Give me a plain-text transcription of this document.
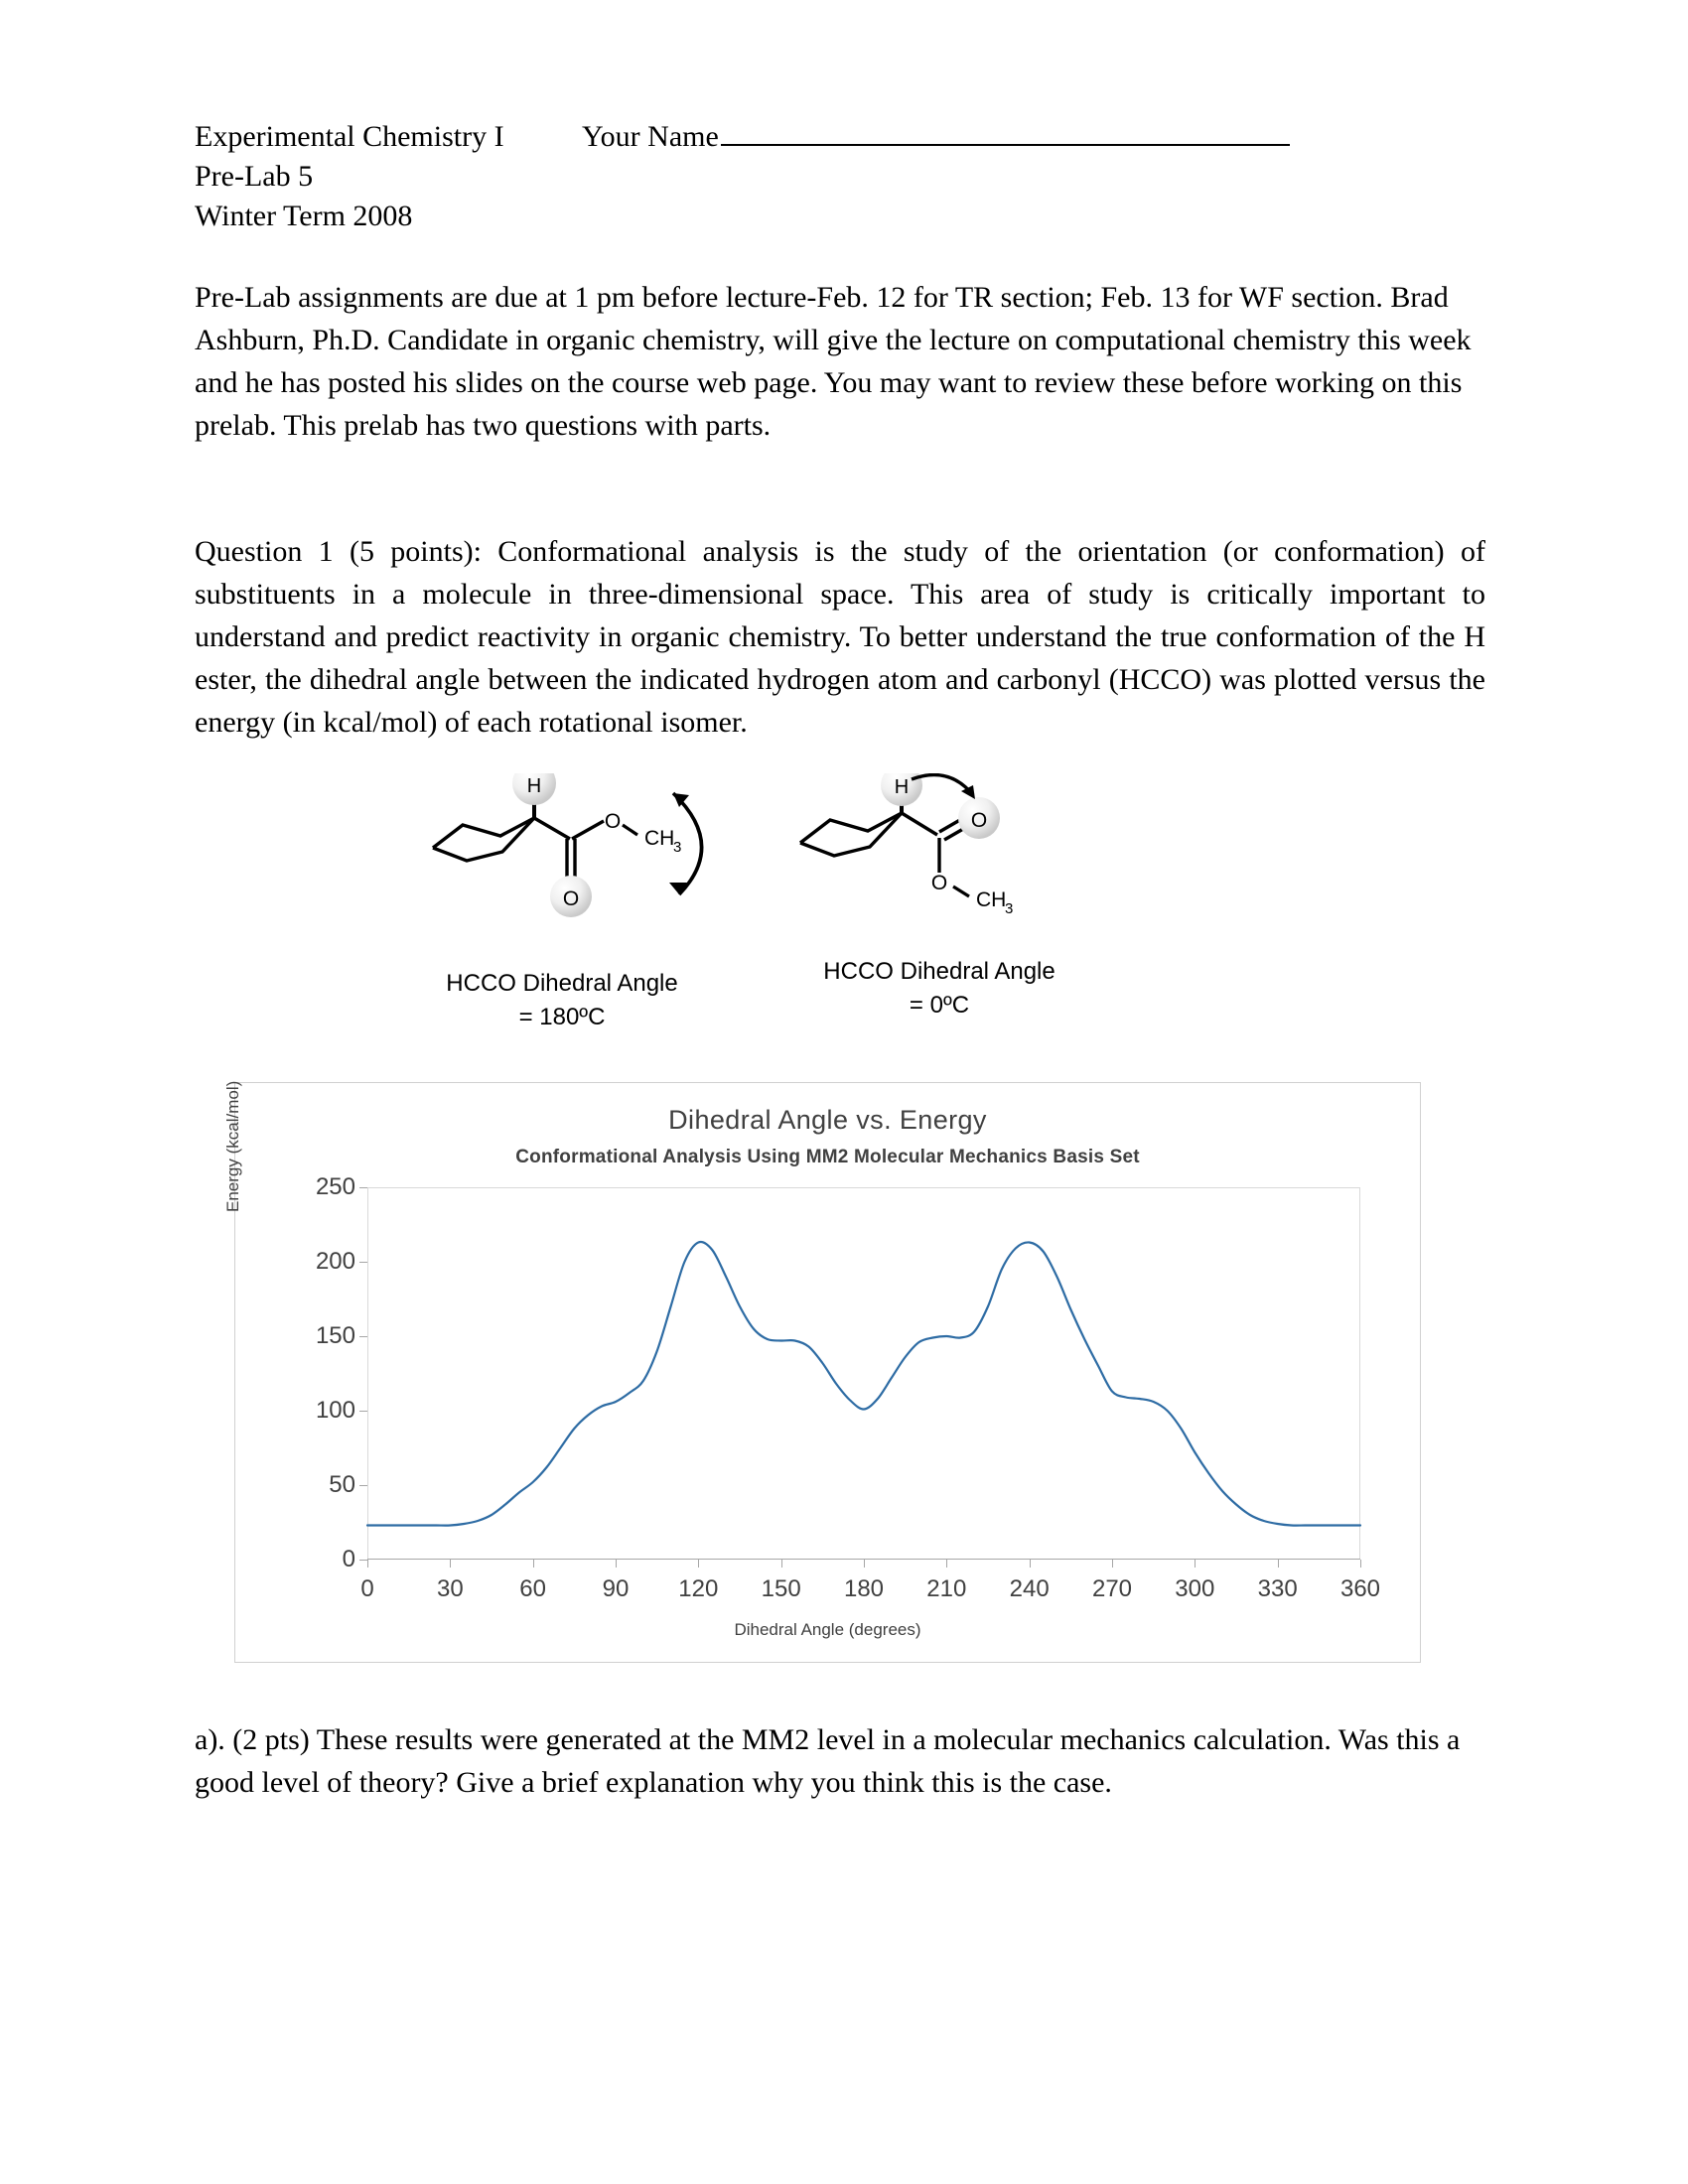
Experimental Chemistry I	Your Name
Pre-Lab 5
Winter Term 2008
Pre-Lab assignments are due at 1 pm before lecture-Feb. 12 for TR section; Feb. 13 for WF section. Brad Ashburn, Ph.D. Candidate in organic chemistry, will give the lecture on computational chemistry this week and he has posted his slides on the course web page. You may want to review these before working on this prelab. This prelab has two questions with parts.
Question 1 (5 points): Conformational analysis is the study of the orientation (or conformation) of substituents in a molecule in three-dimensional space. This area of study is critically important to understand and predict reactivity in organic chemistry. To better understand the true conformation of the H ester, the dihedral angle between the indicated hydrogen atom and carbonyl (HCCO) was plotted versus the energy (in kcal/mol) of each rotational isomer.
H
O
O
CH
3
H
O
O
CH
3
HCCO Dihedral Angle
= 180ºC
HCCO Dihedral Angle
= 0ºC
Dihedral Angle vs. Energy
Conformational Analysis Using MM2 Molecular Mechanics Basis Set
Energy (kcal/mol)
Dihedral Angle (degrees)
0
50
100
150
200
250
0	30 60 90 120 150 180 210 240 270 300 330 360
a). (2 pts) These results were generated at the MM2 level in a molecular mechanics calculation. Was this a good level of theory? Give a brief explanation why you think this is the case.
